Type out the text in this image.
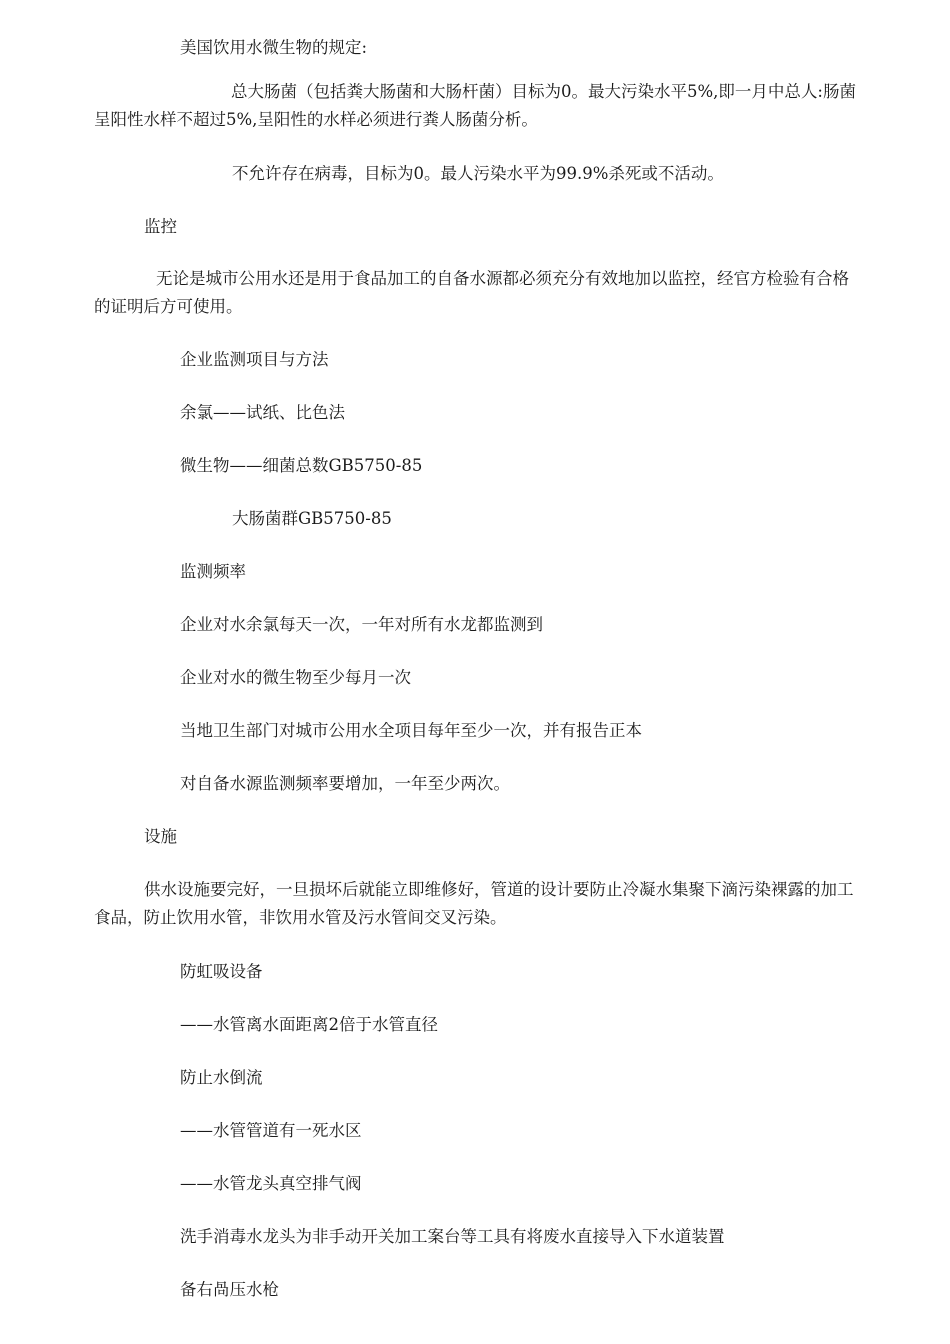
美国饮用水微生物的规定:
总大肠菌（包括粪大肠菌和大肠杆菌）目标为0。最大污染水平5%,即一月中总人:肠菌呈阳性水样不超过5%,呈阳性的水样必须进行粪人肠菌分析。
不允许存在病毒，目标为0。最人污染水平为99.9%杀死或不活动。
监控
无论是城市公用水还是用于食品加工的自备水源都必须充分有效地加以监控，经官方检验有合格的证明后方可使用。
企业监测项目与方法
余氯——试纸、比色法
微生物——细菌总数GB5750-85
大肠菌群GB5750-85
监测频率
企业对水余氯每天一次，一年对所有水龙都监测到
企业对水的微生物至少每月一次
当地卫生部门对城市公用水全项目每年至少一次，并有报告正本
对自备水源监测频率要增加，一年至少两次。
设施
供水设施要完好，一旦损坏后就能立即维修好，管道的设计要防止冷凝水集聚下滴污染裸露的加工食品，防止饮用水管，非饮用水管及污水管间交叉污染。
防虹吸设备
——水管离水面距离2倍于水管直径
防止水倒流
——水管管道有一死水区
——水管龙头真空排气阀
洗手消毒水龙头为非手动开关加工案台等工具有将废水直接导入下水道装置
备右咼压水枪
